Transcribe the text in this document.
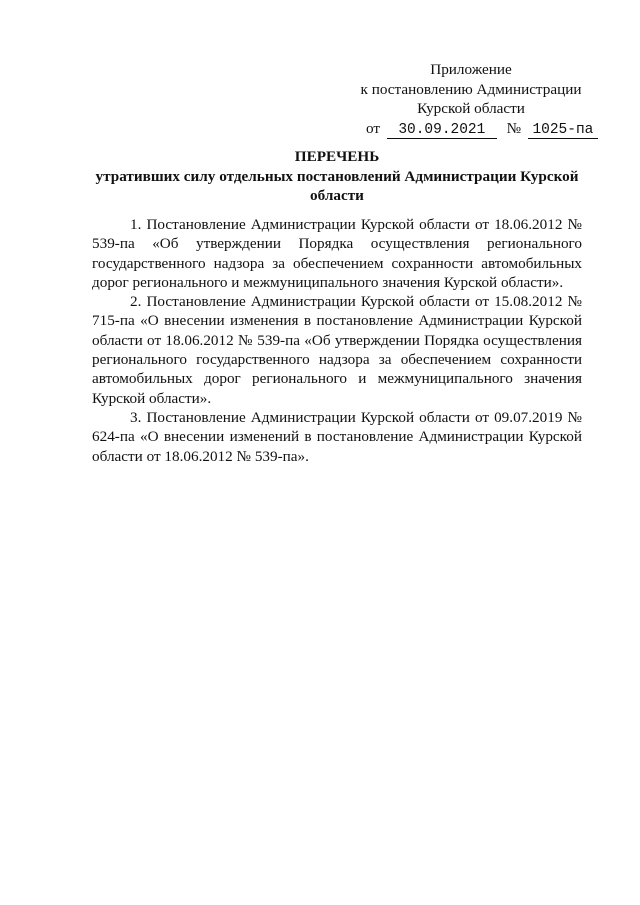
Приложение
к постановлению Администрации
Курской области
от 30.09.2021 № 1025-па
ПЕРЕЧЕНЬ
утративших силу отдельных постановлений Администрации Курской области

1. Постановление Администрации Курской области от 18.06.2012 № 539-па «Об утверждении Порядка осуществления регионального государственного надзора за обеспечением сохранности автомобильных дорог регионального и межмуниципального значения Курской области».

2. Постановление Администрации Курской области от 15.08.2012 № 715-па «О внесении изменения в постановление Администрации Курской области от 18.06.2012 № 539-па «Об утверждении Порядка осуществления регионального государственного надзора за обеспечением сохранности автомобильных дорог регионального и межмуниципального значения Курской области».

3. Постановление Администрации Курской области от 09.07.2019 № 624-па «О внесении изменений в постановление Администрации Курской области от 18.06.2012 № 539-па».
